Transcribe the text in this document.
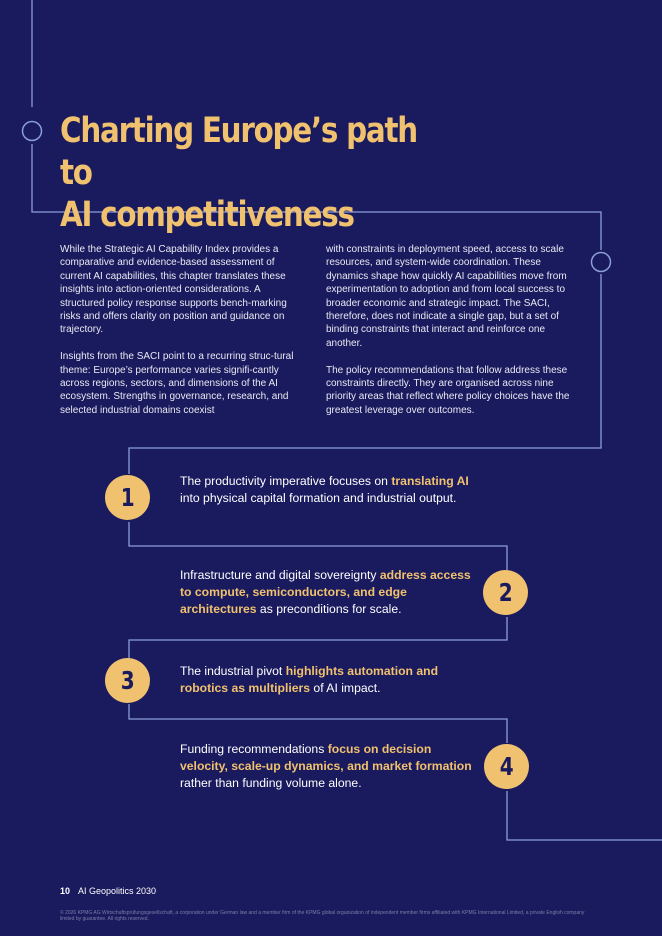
Charting Europe’s path to
AI competitiveness

While the Strategic AI Capability Index provides a comparative and evidence-based assessment of current AI capabilities, this chapter translates these insights into action-oriented considerations. A structured policy response supports bench-marking risks and offers clarity on position and guidance on trajectory.

Insights from the SACI point to a recurring struc-tural theme: Europe’s performance varies signifi-cantly across regions, sectors, and dimensions of the AI ecosystem. Strengths in governance, research, and selected industrial domains coexist

with constraints in deployment speed, access to scale resources, and system-wide coordination. These dynamics shape how quickly AI capabilities move from experimentation to adoption and from local success to broader economic and strategic impact. The SACI, therefore, does not indicate a single gap, but a set of binding constraints that interact and reinforce one another.

The policy recommendations that follow address these constraints directly. They are organised across nine priority areas that reflect where policy choices have the greatest leverage over outcomes.

1
The productivity imperative focuses on translating AI into physical capital formation and industrial output.
2
Infrastructure and digital sovereignty address access to compute, semiconductors, and edge architectures as preconditions for scale.
3	The industrial pivot highlights automation and robotics as multipliers of AI impact.
4
Funding recommendations focus on decision velocity, scale-up dynamics, and market formation rather than funding volume alone.
10 AI Geopolitics 2030
© 2026 KPMG AG Wirtschaftsprüfungsgesellschaft, a corporation under German law and a member firm of the KPMG global organization of independent member firms affiliated with KPMG International Limited, a private English company limited by guarantee. All rights reserved.
